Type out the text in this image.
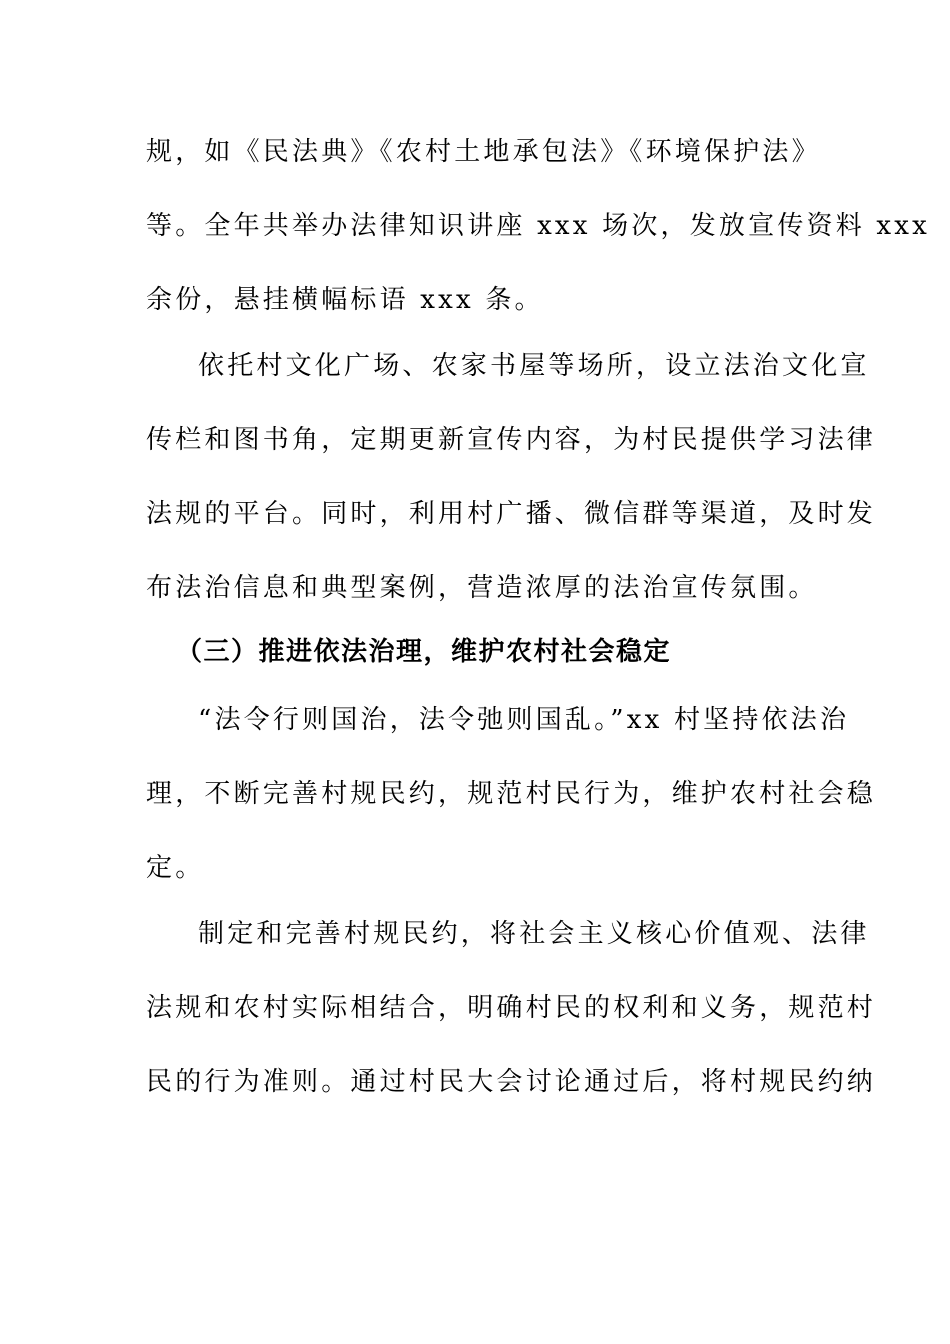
规，如《民法典》《农村土地承包法》《环境保护法》
等。全年共举办法律知识讲座 xxx 场次，发放宣传资料 xxx
余份，悬挂横幅标语 xxx 条。
依托村文化广场、农家书屋等场所，设立法治文化宣
传栏和图书角，定期更新宣传内容，为村民提供学习法律
法规的平台。同时，利用村广播、微信群等渠道，及时发
布法治信息和典型案例，营造浓厚的法治宣传氛围。
（三）推进依法治理，维护农村社会稳定
“法令行则国治，法令弛则国乱。”xx 村坚持依法治
理，不断完善村规民约，规范村民行为，维护农村社会稳
定。
制定和完善村规民约，将社会主义核心价值观、法律
法规和农村实际相结合，明确村民的权利和义务，规范村
民的行为准则。通过村民大会讨论通过后，将村规民约纳
